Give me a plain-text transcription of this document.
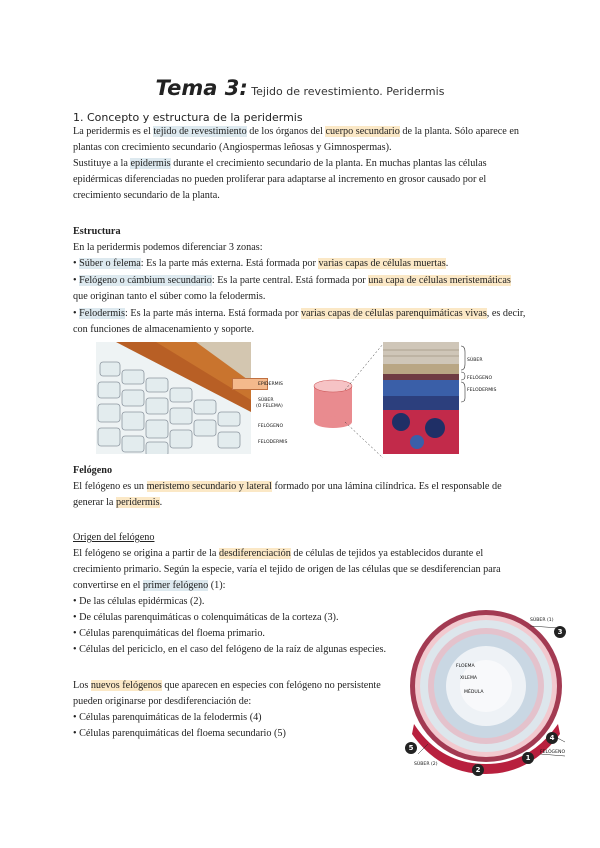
Tema 3: Tejido de revestimiento. Peridermis
1. Concepto y estructura de la peridermis
La peridermis es el tejido de revestimiento de los órganos del cuerpo secundario de la planta. Sólo aparece en
plantas con crecimiento secundario (Angiospermas leñosas y Gimnospermas).
Sustituye a la epidermis durante el crecimiento secundario de la planta. En muchas plantas las células
epidérmicas diferenciadas no pueden proliferar para adaptarse al incremento en grosor causado por el
crecimiento secundario de la planta.
Estructura
En la peridermis podemos diferenciar 3 zonas:
• Súber o felema: Es la parte más externa. Está formada por varias capas de células muertas.
• Felógeno o cámbium secundario: Es la parte central. Está formada por una capa de células meristemáticas
que originan tanto el súber como la felodermis.
• Felodermis: Es la parte más interna. Está formada por varias capas de células parenquimáticas vivas, es decir,
con funciones de almacenamiento y soporte.
EPIDERMIS
SÚBER
(O FELEMA)
FELÓGENO
FELODERMIS
SÚBER
FELÓGENO
FELODERMIS
Felógeno
El felógeno es un meristemo secundario y lateral formado por una lámina cilíndrica. Es el responsable de
generar la peridermis.
Origen del felógeno
El felógeno se origina a partir de la desdiferenciación de células de tejidos ya establecidos durante el
crecimiento primario. Según la especie, varía el tejido de origen de las células que se desdiferencian para
convertirse en el primer felógeno (1):
• De las células epidérmicas (2).
• De células parenquimáticas o colenquimáticas de la corteza (3).
• Células parenquimáticas del floema primario.
• Células del periciclo, en el caso del felógeno de la raíz de algunas especies.
Los nuevos felógenos que aparecen en especies con felógeno no persistente
pueden originarse por desdiferenciación de:
• Células parenquimáticas de la felodermis (4)
• Células parenquimáticas del floema secundario (5)
SÚBER (1)
FELÓGENO
SÚBER (2)
FLOEMA
XILEMA
MÉDULA
3
4
5
2
1
